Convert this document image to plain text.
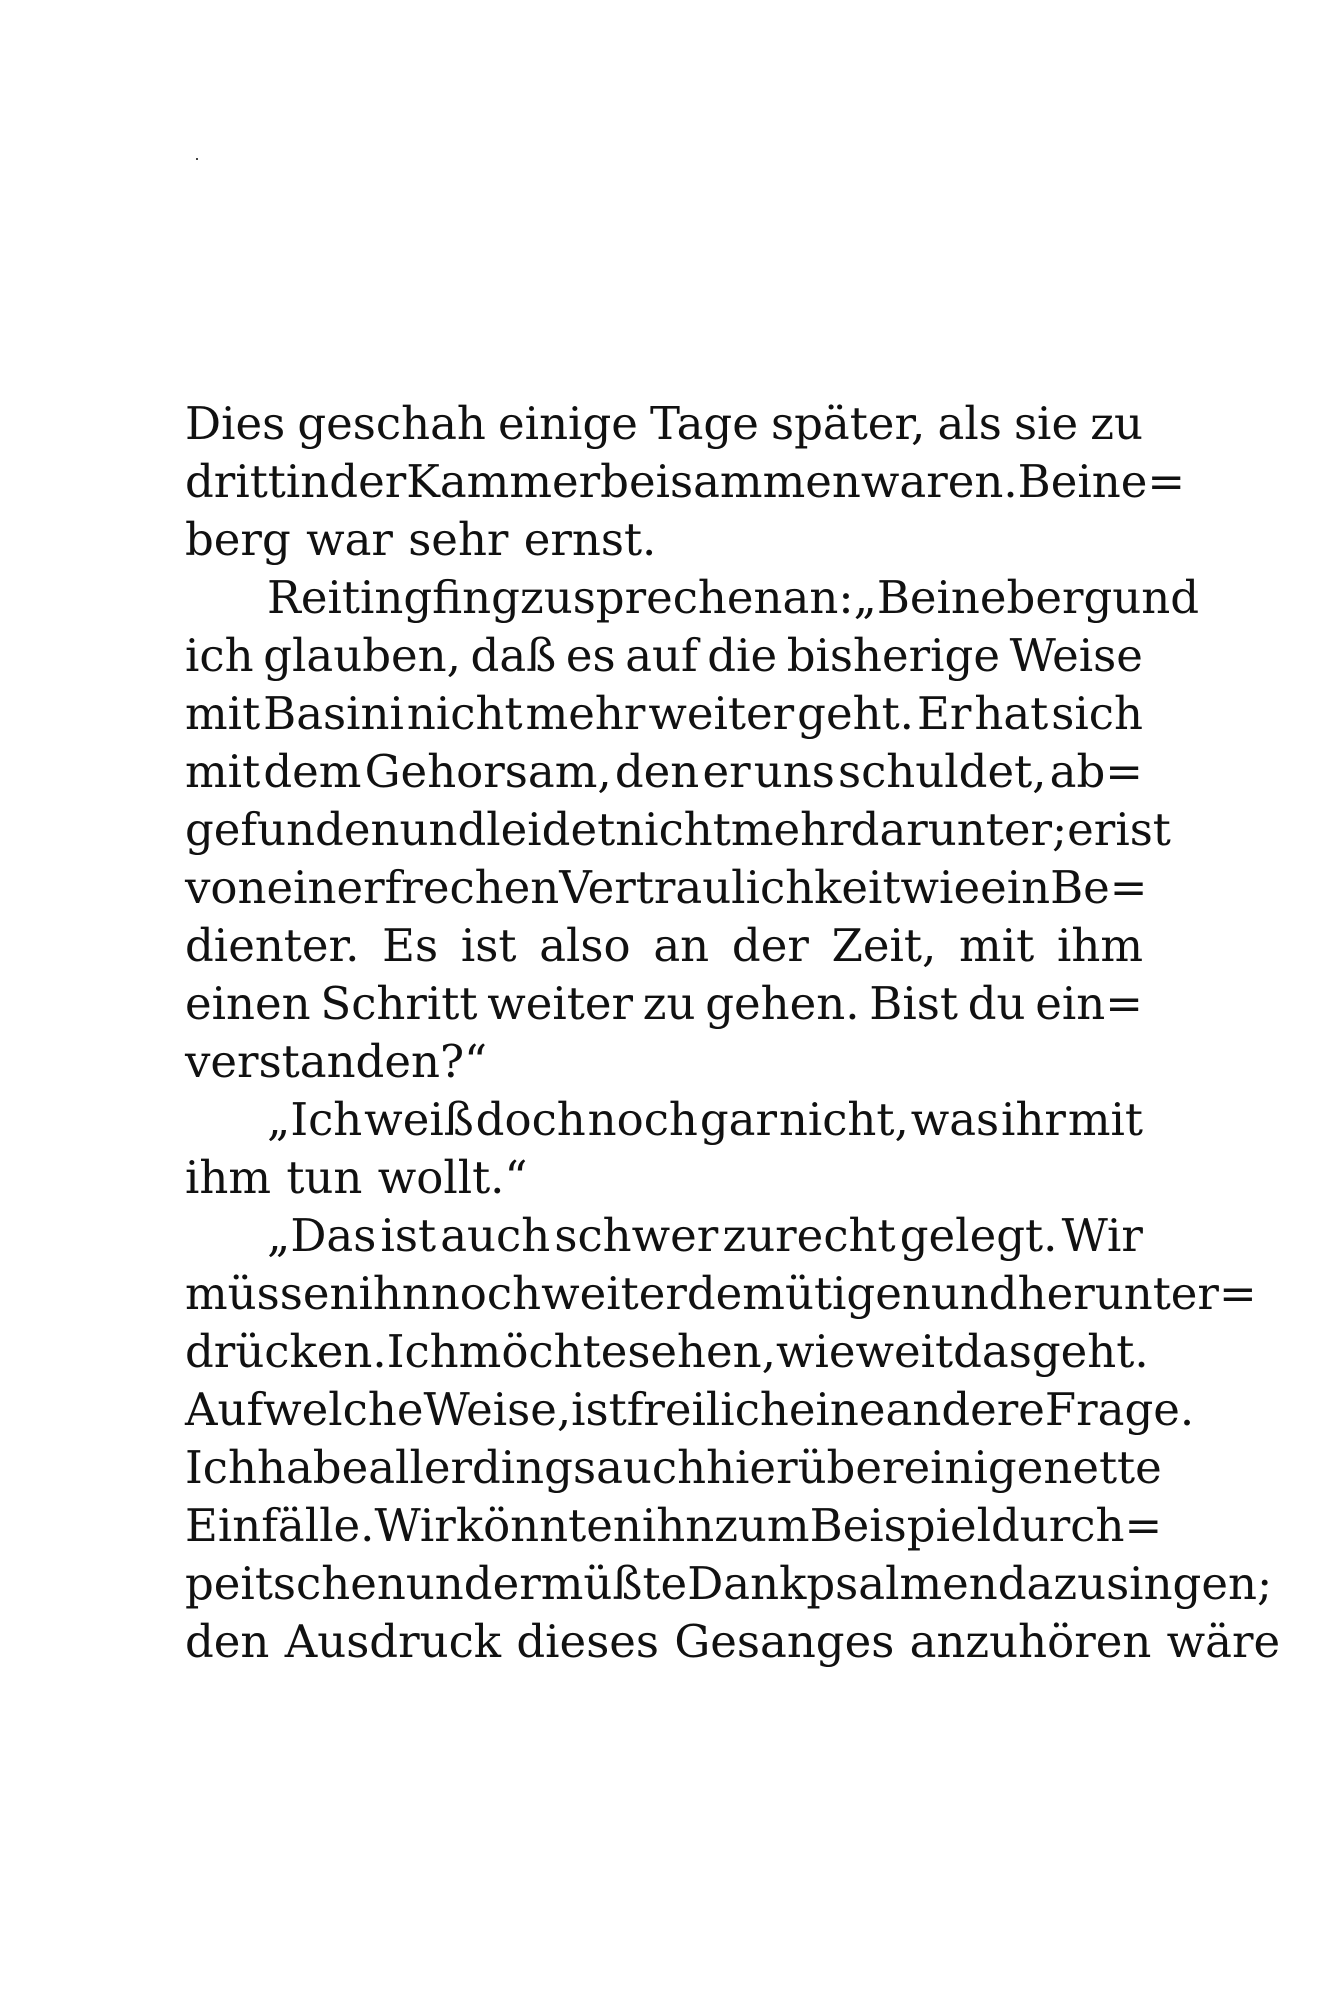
Dies geschah einige Tage später, als sie zu
dritt in der Kammer beisammen waren. Beine=
berg war sehr ernst.
Reiting fing zu sprechen an: „Beineberg und
ich glauben, daß es auf die bisherige Weise
mit Basini nicht mehr weiter geht. Er hat sich
mit dem Gehorsam, den er uns schuldet, ab=
gefunden und leidet nicht mehr darunter; er ist
von einer frechen Vertraulichkeit wie ein Be=
dienter. Es ist also an der Zeit, mit ihm
einen Schritt weiter zu gehen. Bist du ein=
verstanden?“
„Ich weiß doch noch gar nicht, was ihr mit
ihm tun wollt.“
„Das ist auch schwer zurecht gelegt. Wir
müssen ihn noch weiter demütigen und herunter=
drücken. Ich möchte sehen, wie weit das geht.
Auf welche Weise, ist freilich eine andere Frage.
Ich habe allerdings auch hierüber einige nette
Einfälle. Wir könnten ihn zum Beispiel durch=
peitschen und er müßte Dankpsalmen dazu singen;
den Ausdruck dieses Gesanges anzuhören wäre
